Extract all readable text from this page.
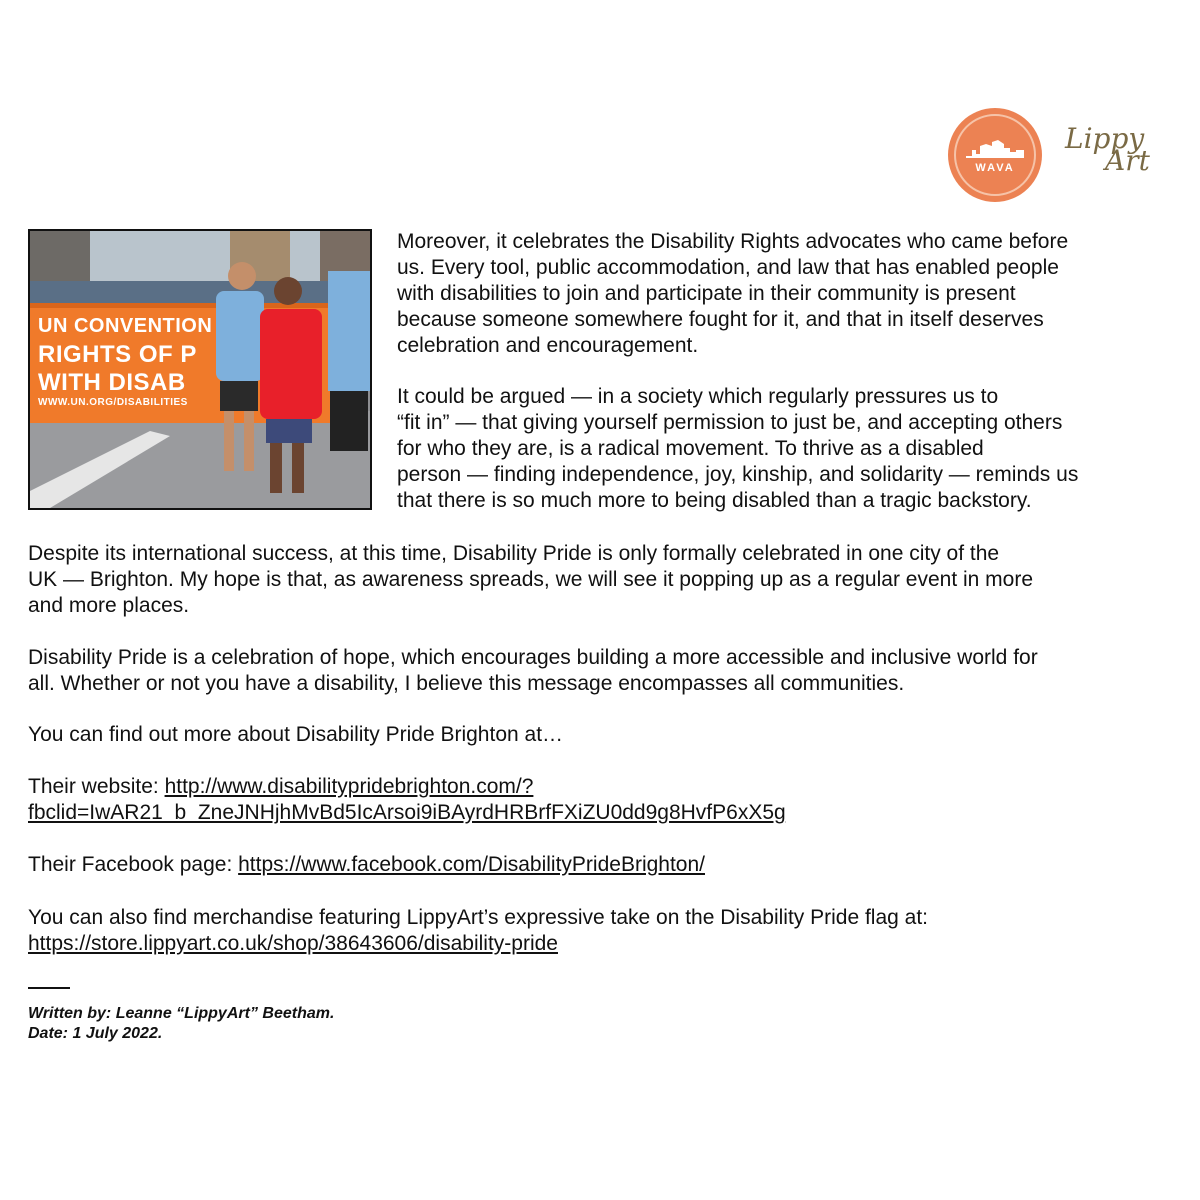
WAVA
Lippy
Art
UN CONVENTION
RIGHTS OF P
WITH DISAB
WWW.UN.ORG/DISABILITIES
Moreover, it celebrates the Disability Rights advocates who came before
us. Every tool, public accommodation, and law that has enabled people
with disabilities to join and participate in their community is present
because someone somewhere fought for it, and that in itself deserves
celebration and encouragement.
It could be argued — in a society which regularly pressures us to
“fit in” — that giving yourself permission to just be, and accepting others
for who they are, is a radical movement. To thrive as a disabled
person — finding independence, joy, kinship, and solidarity — reminds us
that there is so much more to being disabled than a tragic backstory.
Despite its international success, at this time, Disability Pride is only formally celebrated in one city of the
UK — Brighton. My hope is that, as awareness spreads, we will see it popping up as a regular event in more
and more places.
Disability Pride is a celebration of hope, which encourages building a more accessible and inclusive world for
all. Whether or not you have a disability, I believe this message encompasses all communities.
You can find out more about Disability Pride Brighton at…
Their website: http://www.disabilitypridebrighton.com/?
fbclid=IwAR21_b_ZneJNHjhMvBd5IcArsoi9iBAyrdHRBrfFXiZU0dd9g8HvfP6xX5g
Their Facebook page: https://www.facebook.com/DisabilityPrideBrighton/
You can also find merchandise featuring LippyArt’s expressive take on the Disability Pride flag at:
https://store.lippyart.co.uk/shop/38643606/disability-pride
Written by: Leanne “LippyArt” Beetham.
Date: 1 July 2022.
